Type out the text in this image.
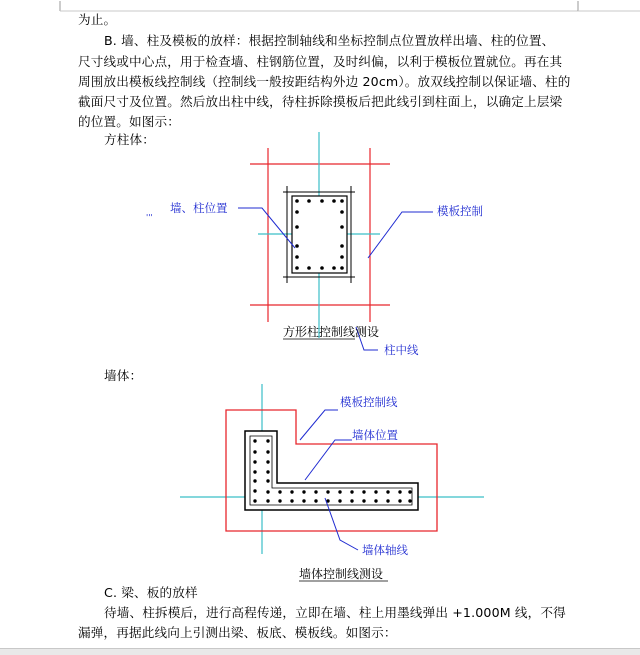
为止。
B. 墙、柱及模板的放样：根据控制轴线和坐标控制点位置放样出墙、柱的位置、
尺寸线或中心点，用于检查墙、柱钢筋位置，及时纠偏，以利于模板位置就位。再在其
周围放出模板线控制线（控制线一般按距结构外边 20cm）。放双线控制以保证墙、柱的
截面尺寸及位置。然后放出柱中线，待柱拆除摸板后把此线引到柱面上，以确定上层梁
的位置。如图示：
方柱体：
墙、柱位置	模板控制
'''
方形柱控制线测设
柱中线
墙体：
模板控制线
墙体位置
墙体轴线
墙体控制线测设
C. 梁、板的放样
待墙、柱拆模后，进行高程传递，立即在墙、柱上用墨线弹出 +1.000M 线，不得
漏弹，再据此线向上引测出梁、板底、模板线。如图示：
